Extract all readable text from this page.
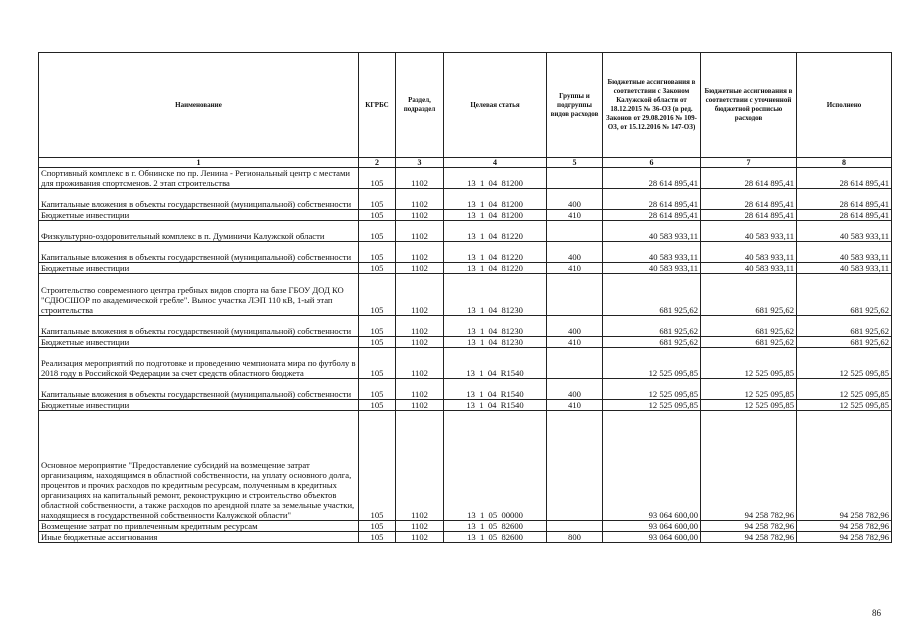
Наименование	КГРБС	Раздел, подраздел	Целевая статья	Группы и подгруппы видов расходов	Бюджетные ассигнования в соответствии с Законом Калужской области от 18.12.2015 № 36-ОЗ (в ред. Законов от 29.08.2016 № 109-ОЗ, от 15.12.2016 № 147-ОЗ)	Бюджетные ассигнования в соответствии с уточненной бюджетной росписью расходов	Исполнено
1	2	3	4	5	6	7	8
Спортивный комплекс в г. Обнинске по пр. Ленина - Региональный центр с местами для проживания спортсменов. 2 этап строительства	105	1102	13  1  04  81200		28 614 895,41	28 614 895,41	28 614 895,41
Капитальные вложения в объекты государственной (муниципальной) собственности	105	1102	13  1  04  81200	400	28 614 895,41	28 614 895,41	28 614 895,41
Бюджетные инвестиции	105	1102	13  1  04  81200	410	28 614 895,41	28 614 895,41	28 614 895,41
Физкультурно-оздоровительный комплекс в п. Думиничи Калужской области	105	1102	13  1  04  81220		40 583 933,11	40 583 933,11	40 583 933,11
Капитальные вложения в объекты государственной (муниципальной) собственности	105	1102	13  1  04  81220	400	40 583 933,11	40 583 933,11	40 583 933,11
Бюджетные инвестиции	105	1102	13  1  04  81220	410	40 583 933,11	40 583 933,11	40 583 933,11
Строительство современного центра гребных видов спорта на базе ГБОУ ДОД КО "СДЮСШОР по академической гребле". Вынос участка ЛЭП 110 кВ, 1-ый этап строительства	105	1102	13  1  04  81230		681 925,62	681 925,62	681 925,62
Капитальные вложения в объекты государственной (муниципальной) собственности	105	1102	13  1  04  81230	400	681 925,62	681 925,62	681 925,62
Бюджетные инвестиции	105	1102	13  1  04  81230	410	681 925,62	681 925,62	681 925,62
Реализация мероприятий по подготовке и проведению чемпионата мира по футболу в 2018 году в Российской Федерации за счет средств областного бюджета	105	1102	13  1  04  R1540		12 525 095,85	12 525 095,85	12 525 095,85
Капитальные вложения в объекты государственной (муниципальной) собственности	105	1102	13  1  04  R1540	400	12 525 095,85	12 525 095,85	12 525 095,85
Бюджетные инвестиции	105	1102	13  1  04  R1540	410	12 525 095,85	12 525 095,85	12 525 095,85
Основное мероприятие "Предоставление субсидий на возмещение затрат организациям, находящимся в областной собственности, на уплату основного долга, процентов и прочих расходов по кредитным ресурсам, полученным в кредитных организациях на капитальный ремонт, реконструкцию и строительство объектов областной собственности, а также расходов по арендной плате за земельные участки, находящиеся в государственной собственности Калужской области"	105	1102	13  1  05  00000		93 064 600,00	94 258 782,96	94 258 782,96
Возмещение затрат по привлеченным кредитным ресурсам	105	1102	13  1  05  82600		93 064 600,00	94 258 782,96	94 258 782,96
Иные бюджетные ассигнования	105	1102	13  1  05  82600	800	93 064 600,00	94 258 782,96	94 258 782,96
86
